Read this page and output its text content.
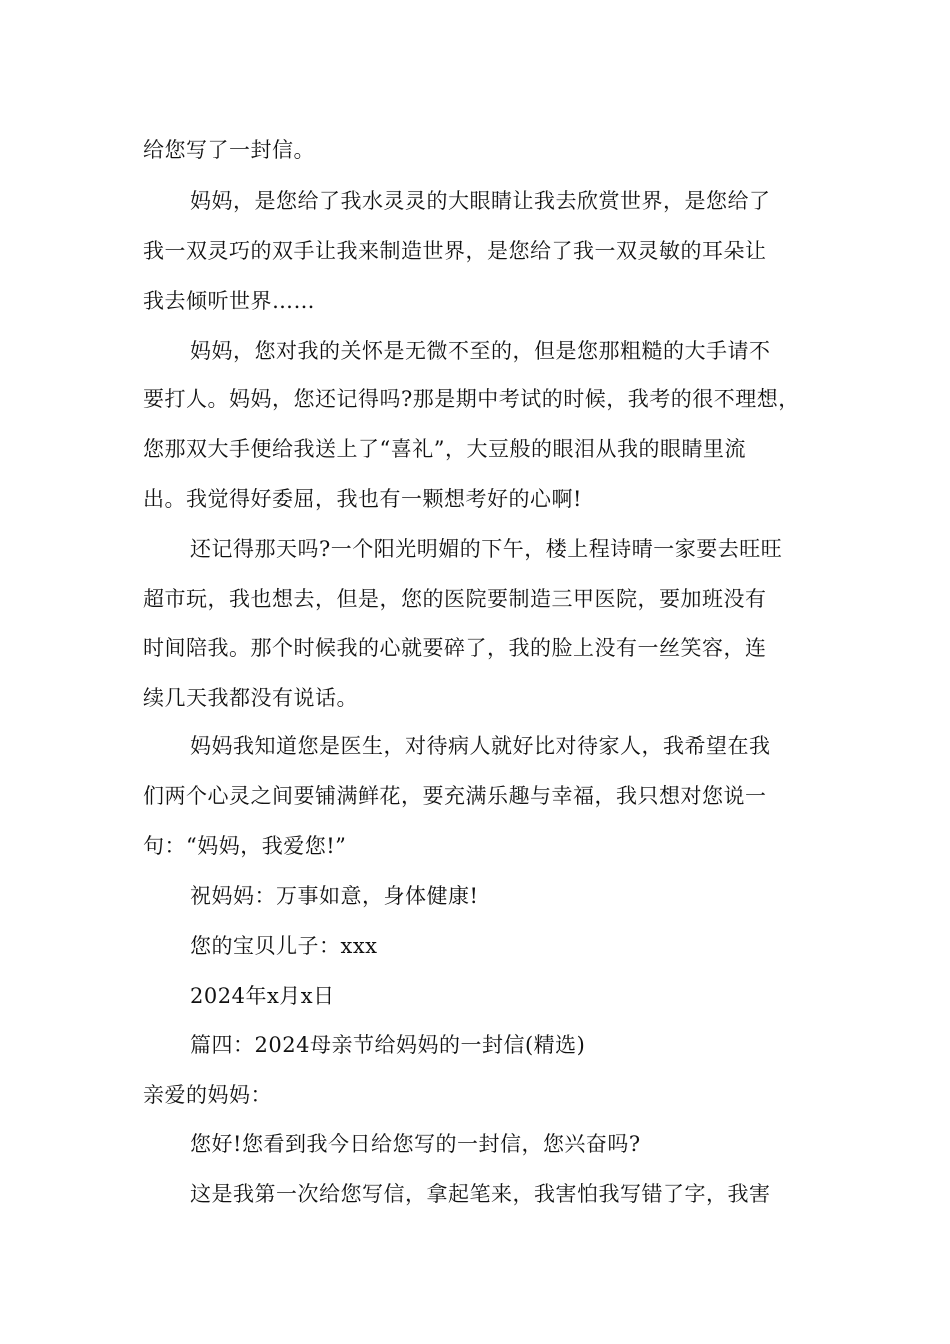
给您写了一封信。
妈妈，是您给了我水灵灵的大眼睛让我去欣赏世界，是您给了
我一双灵巧的双手让我来制造世界，是您给了我一双灵敏的耳朵让
我去倾听世界……
妈妈，您对我的关怀是无微不至的，但是您那粗糙的大手请不
要打人。妈妈，您还记得吗?那是期中考试的时候，我考的很不理想，
您那双大手便给我送上了“喜礼”，大豆般的眼泪从我的眼睛里流
出。我觉得好委屈，我也有一颗想考好的心啊!
还记得那天吗?一个阳光明媚的下午，楼上程诗晴一家要去旺旺
超市玩，我也想去，但是，您的医院要制造三甲医院，要加班没有
时间陪我。那个时候我的心就要碎了，我的脸上没有一丝笑容，连
续几天我都没有说话。
妈妈我知道您是医生，对待病人就好比对待家人，我希望在我
们两个心灵之间要铺满鲜花，要充满乐趣与幸福，我只想对您说一
句：“妈妈，我爱您!”
祝妈妈：万事如意，身体健康!
您的宝贝儿子：xxx
2024年x月x日
篇四：2024母亲节给妈妈的一封信(精选)
亲爱的妈妈：
您好!您看到我今日给您写的一封信，您兴奋吗?
这是我第一次给您写信，拿起笔来，我害怕我写错了字，我害
